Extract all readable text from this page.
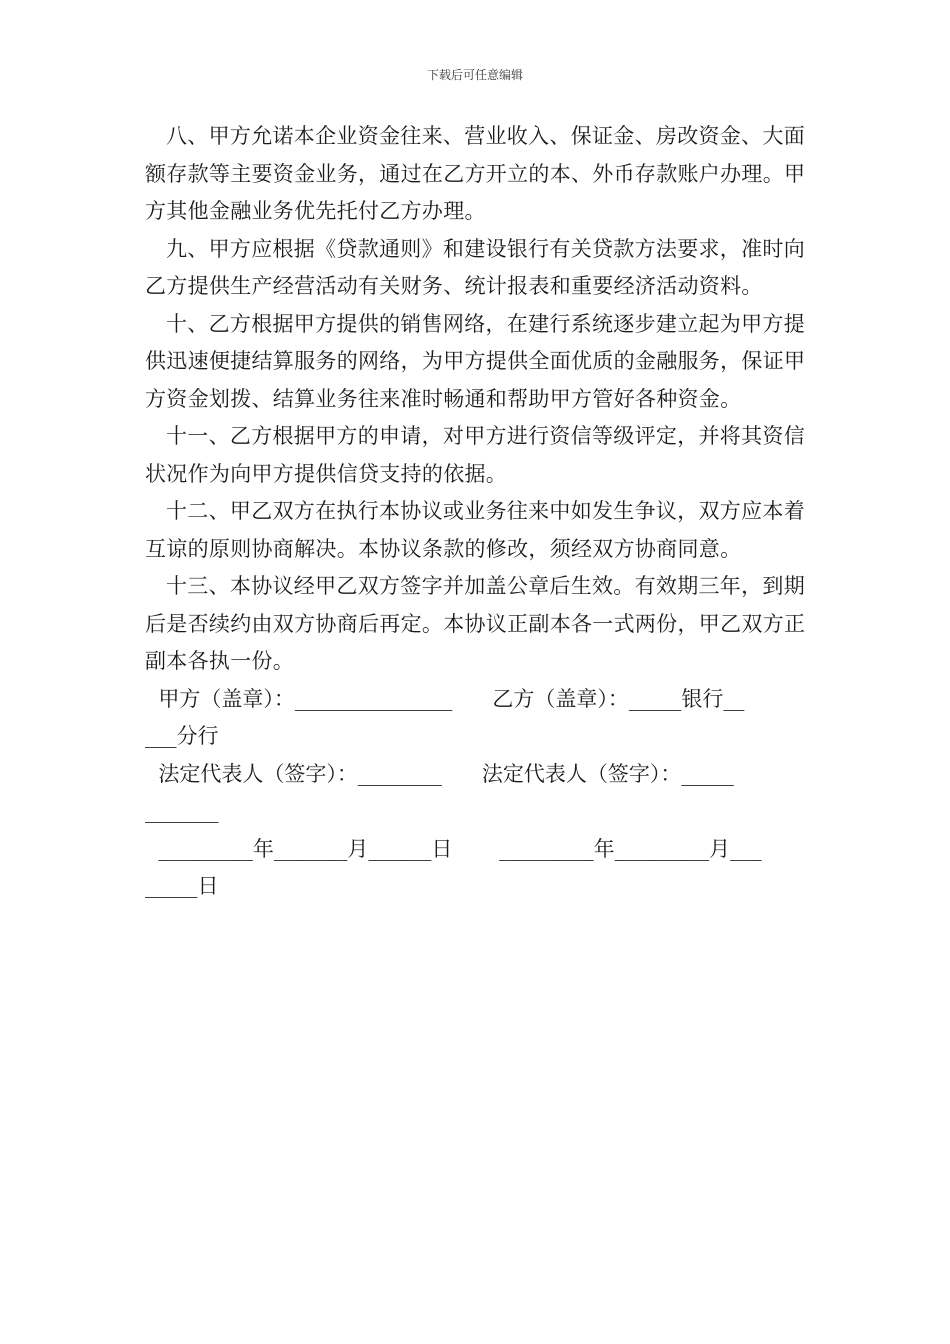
下载后可任意编辑

八、甲方允诺本企业资金往来、营业收入、保证金、房改资金、大面额存款等主要资金业务，通过在乙方开立的本、外币存款账户办理。甲方其他金融业务优先托付乙方办理。

九、甲方应根据《贷款通则》和建设银行有关贷款方法要求，准时向乙方提供生产经营活动有关财务、统计报表和重要经济活动资料。

十、乙方根据甲方提供的销售网络，在建行系统逐步建立起为甲方提供迅速便捷结算服务的网络，为甲方提供全面优质的金融服务，保证甲方资金划拨、结算业务往来准时畅通和帮助甲方管好各种资金。

十一、乙方根据甲方的申请，对甲方进行资信等级评定，并将其资信状况作为向甲方提供信贷支持的依据。

十二、甲乙双方在执行本协议或业务往来中如发生争议，双方应本着互谅的原则协商解决。本协议条款的修改，须经双方协商同意。

十三、本协议经甲乙双方签字并加盖公章后生效。有效期三年，到期后是否续约由双方协商后再定。本协议正副本各一式两份，甲乙双方正副本各执一份。

甲方（盖章）：_______________      乙方（盖章）：_____银行__

___分行

法定代表人（签字）：________      法定代表人（签字）：_____

_______

_________年_______月______日       _________年_________月___

_____日
